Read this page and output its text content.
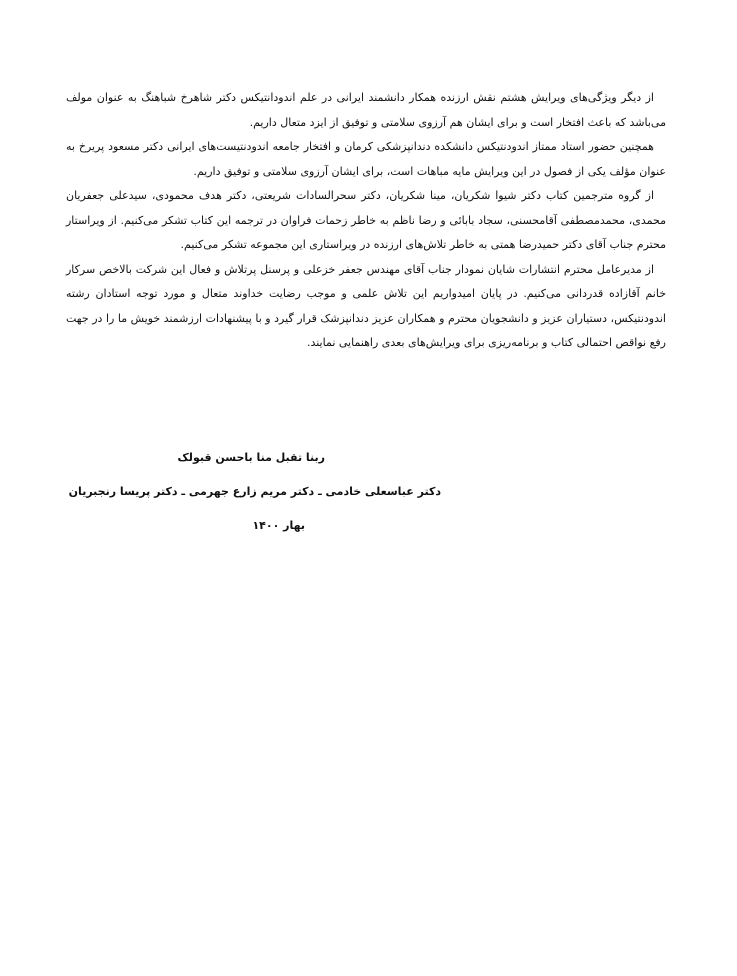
از دیگر ویژگی‌های ویرایش هشتم نقش ارزنده همکار دانشمند ایرانی در علم اندودانتیکس دکتر شاهرخ شباهنگ به عنوان مولف می‌باشد که باعث افتخار است و برای ایشان هم آرزوی سلامتی و توفیق از ایزد متعال داریم.

همچنین حضور استاد ممتاز اندودنتیکس دانشکده دندانپزشکی کرمان و افتخار جامعه اندودنتیست‌های ایرانی دکتر مسعود پریرخ به عنوان مؤلف یکی از فصول در این ویرایش مایه مباهات است، برای ایشان آرزوی سلامتی و توفیق داریم.

از گروه مترجمین کتاب دکتر شیوا شکریان، مینا شکریان، دکتر سحرالسادات شریعتی، دکتر هدف محمودی، سیدعلی جعفریان محمدی، محمدمصطفی آقامحسنی، سجاد بابائی و رضا ناظم به خاطر زحمات فراوان در ترجمه این کتاب تشکر می‌کنیم. از ویراستار محترم جناب آقای دکتر حمیدرضا همتی به خاطر تلاش‌های ارزنده در ویراستاری این مجموعه تشکر می‌کنیم.

از مدیرعامل محترم انتشارات شایان نمودار جناب آقای مهندس جعفر خزعلی و پرسنل پرتلاش و فعال این شرکت بالاخص سرکار خانم آقازاده قدردانی می‌کنیم. در پایان امیدواریم این تلاش علمی و موجب رضایت خداوند متعال و مورد توجه استادان رشته اندودنتیکس، دستیاران عزیز و دانشجویان محترم و همکاران عزیز دندانپزشک قرار گیرد و با پیشنهادات ارزشمند خویش ما را در جهت رفع نواقص احتمالی کتاب و برنامه‌ریزی برای ویرایش‌های بعدی راهنمایی نمایند.

ربنا تقبل منا باحسن قبولک
دکتر عباسعلی خادمی ـ دکتر مریم زارع جهرمی ـ دکتر پریسا رنجبریان
بهار ۱۴۰۰
